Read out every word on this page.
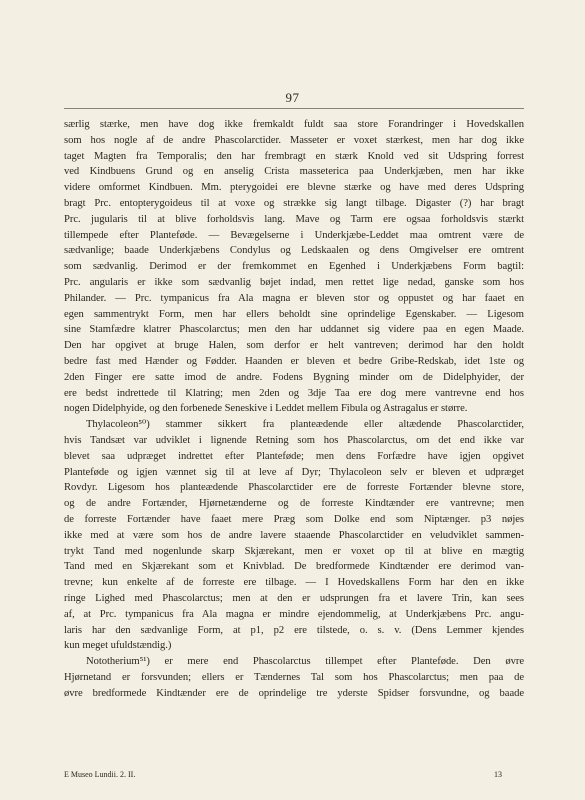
97
særlig stærke, men have dog ikke fremkaldt fuldt saa store Forandringer i Hovedskallen
som hos nogle af de andre Phascolarctider. Masseter er voxet stærkest, men har dog ikke
taget Magten fra Temporalis; den har frembragt en stærk Knold ved sit Udspring forrest
ved Kindbuens Grund og en anselig Crista masseterica paa Underkjæben, men har ikke
videre omformet Kindbuen. Mm. pterygoidei ere blevne stærke og have med deres Udspring
bragt Prc. entopterygoideus til at voxe og strække sig langt tilbage. Digaster (?) har bragt
Prc. jugularis til at blive forholdsvis lang. Mave og Tarm ere ogsaa forholdsvis stærkt
tillempede efter Planteføde. — Bevægelserne i Underkjæbe-Leddet maa omtrent være de
sædvanlige; baade Underkjæbens Condylus og Ledskaalen og dens Omgivelser ere omtrent
som sædvanlig. Derimod er der fremkommet en Egenhed i Underkjæbens Form bagtil:
Prc. angularis er ikke som sædvanlig bøjet indad, men rettet lige nedad, ganske som hos
Philander. — Prc. tympanicus fra Ala magna er bleven stor og oppustet og har faaet en
egen sammentrykt Form, men har ellers beholdt sine oprindelige Egenskaber. — Ligesom
sine Stamfædre klatrer Phascolarctus; men den har uddannet sig videre paa en egen Maade.
Den har opgivet at bruge Halen, som derfor er helt vantreven; derimod har den holdt
bedre fast med Hænder og Fødder. Haanden er bleven et bedre Gribe-Redskab, idet 1ste og
2den Finger ere satte imod de andre. Fodens Bygning minder om de Didelphyider, der
ere bedst indrettede til Klatring; men 2den og 3dje Taa ere dog mere vantrevne end hos
nogen Didelphyide, og den forbenede Seneskive i Leddet mellem Fibula og Astragalus er større.
Thylacoleon⁵⁰) stammer sikkert fra planteædende eller altædende Phascolarctider,
hvis Tandsæt var udviklet i lignende Retning som hos Phascolarctus, om det end ikke var
blevet saa udpræget indrettet efter Planteføde; men dens Forfædre have igjen opgivet
Planteføde og igjen vænnet sig til at leve af Dyr; Thylacoleon selv er bleven et udpræget
Rovdyr. Ligesom hos planteædende Phascolarctider ere de forreste Fortænder blevne store,
og de andre Fortænder, Hjørnetænderne og de forreste Kindtænder ere vantrevne; men
de forreste Fortænder have faaet mere Præg som Dolke end som Niptænger. p3 nøjes
ikke med at være som hos de andre lavere staaende Phascolarctider en veludviklet sammen-
trykt Tand med nogenlunde skarp Skjærekant, men er voxet op til at blive en mægtig
Tand med en Skjærekant som et Knivblad. De bredformede Kindtænder ere derimod van-
trevne; kun enkelte af de forreste ere tilbage. — I Hovedskallens Form har den en ikke
ringe Lighed med Phascolarctus; men at den er udsprungen fra et lavere Trin, kan sees
af, at Prc. tympanicus fra Ala magna er mindre ejendommelig, at Underkjæbens Prc. angu-
laris har den sædvanlige Form, at p1, p2 ere tilstede, o. s. v. (Dens Lemmer kjendes
kun meget ufuldstændig.)
Nototherium⁵¹) er mere end Phascolarctus tillempet efter Planteføde. Den øvre
Hjørnetand er forsvunden; ellers er Tændernes Tal som hos Phascolarctus; men paa de
øvre bredformede Kindtænder ere de oprindelige tre yderste Spidser forsvundne, og baade
E Museo Lundii. 2. II.	13
